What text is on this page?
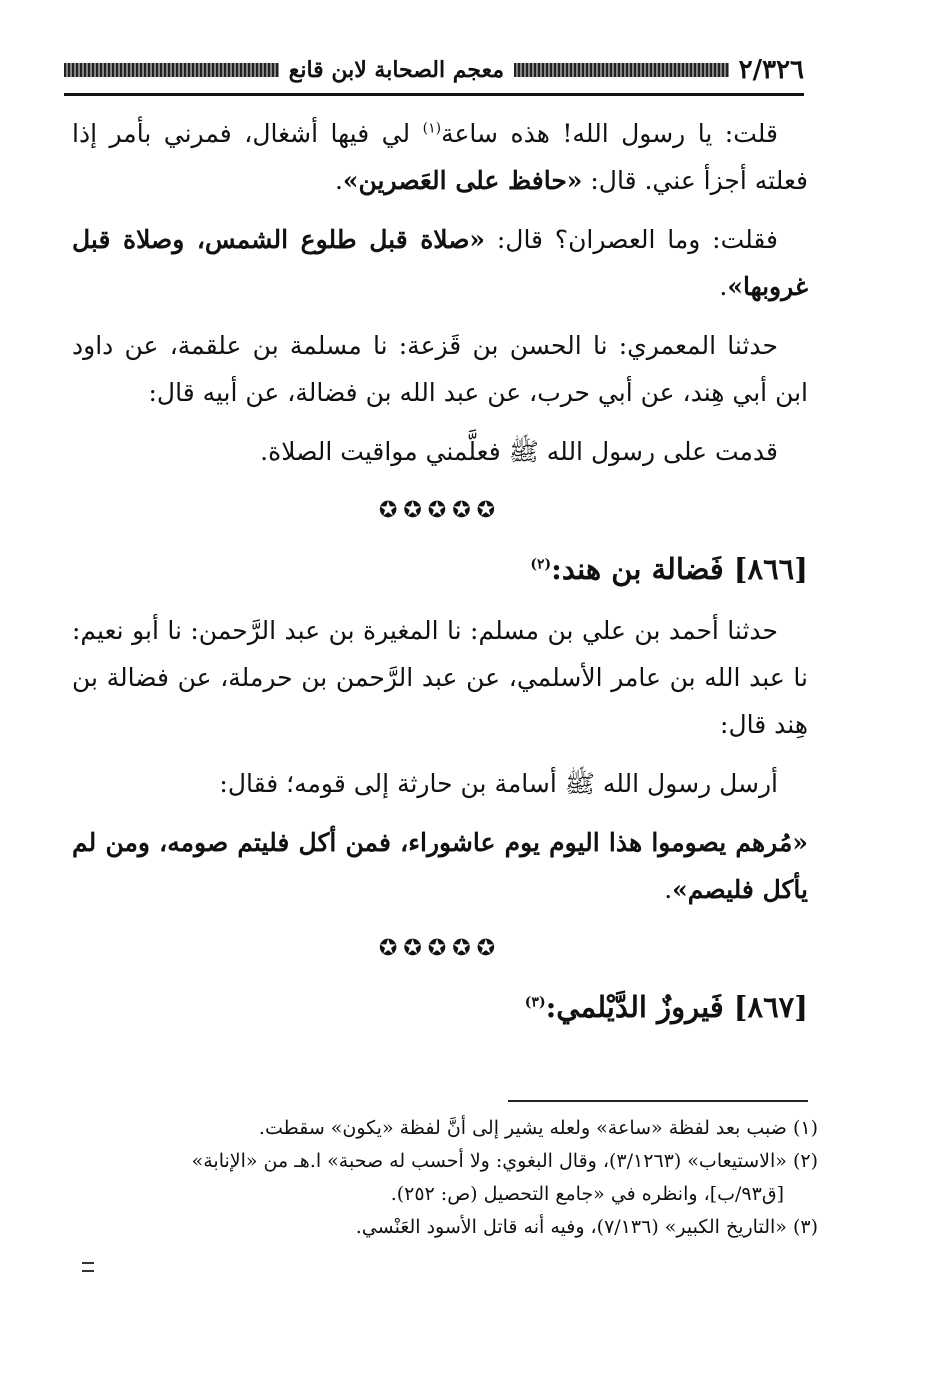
٢/٣٢٦
معجم الصحابة لابن قانع

قلت: يا رسول الله! هذه ساعة$^{(١)}$ لي فيها أشغال، فمرني بأمر إذا فعلته أجزأ عني. قال: «حافظ على العَصرين».

فقلت: وما العصران؟ قال: «صلاة قبل طلوع الشمس، وصلاة قبل غروبها».

حدثنا المعمري: نا الحسن بن قَزعة: نا مسلمة بن علقمة، عن داود ابن أبي هِند، عن أبي حرب، عن عبد الله بن فضالة، عن أبيه قال:

قدمت على رسول الله ﷺ فعلَّمني مواقيت الصلاة.

✪✪✪✪✪
[٨٦٦] فَضالة بن هند:$^{(٢)}$

حدثنا أحمد بن علي بن مسلم: نا المغيرة بن عبد الرَّحمن: نا أبو نعيم: نا عبد الله بن عامر الأسلمي، عن عبد الرَّحمن بن حرملة، عن فضالة بن هِند قال:

أرسل رسول الله ﷺ أسامة بن حارثة إلى قومه؛ فقال:

«مُرهم يصوموا هذا اليوم يوم عاشوراء، فمن أكل فليتم صومه، ومن لم يأكل فليصم».

✪✪✪✪✪
[٨٦٧] فَيروزٌ الدَّيْلمي:$^{(٣)}$

(١) ضبب بعد لفظة «ساعة» ولعله يشير إلى أنَّ لفظة «يكون» سقطت.

(٢) «الاستيعاب» (٣/١٢٦٣)، وقال البغوي: ولا أحسب له صحبة» ا.هـ من «الإنابة»

[ق٩٣/ب]، وانظره في «جامع التحصيل (ص: ٢٥٢).

(٣) «التاريخ الكبير» (٧/١٣٦)، وفيه أنه قاتل الأسود العَنْسي.
